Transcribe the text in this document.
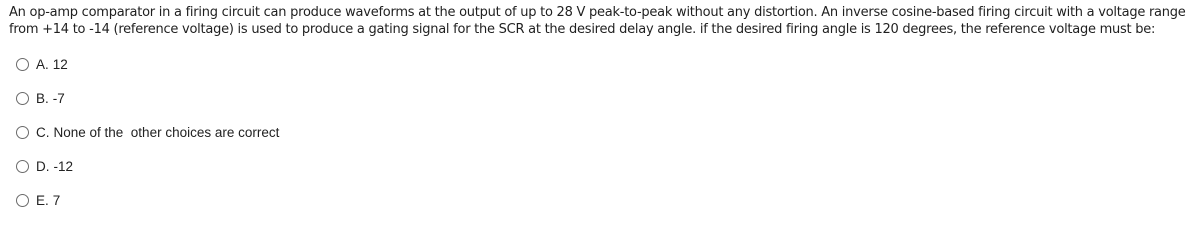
An op-amp comparator in a firing circuit can produce waveforms at the output of up to 28 V peak-to-peak without any distortion. An inverse cosine-based firing circuit with a voltage range from +14 to -14 (reference voltage) is used to produce a gating signal for the SCR at the desired delay angle. if the desired firing angle is 120 degrees, the reference voltage must be:
A. 12
B. -7
C. None of the  other choices are correct
D. -12
E. 7
